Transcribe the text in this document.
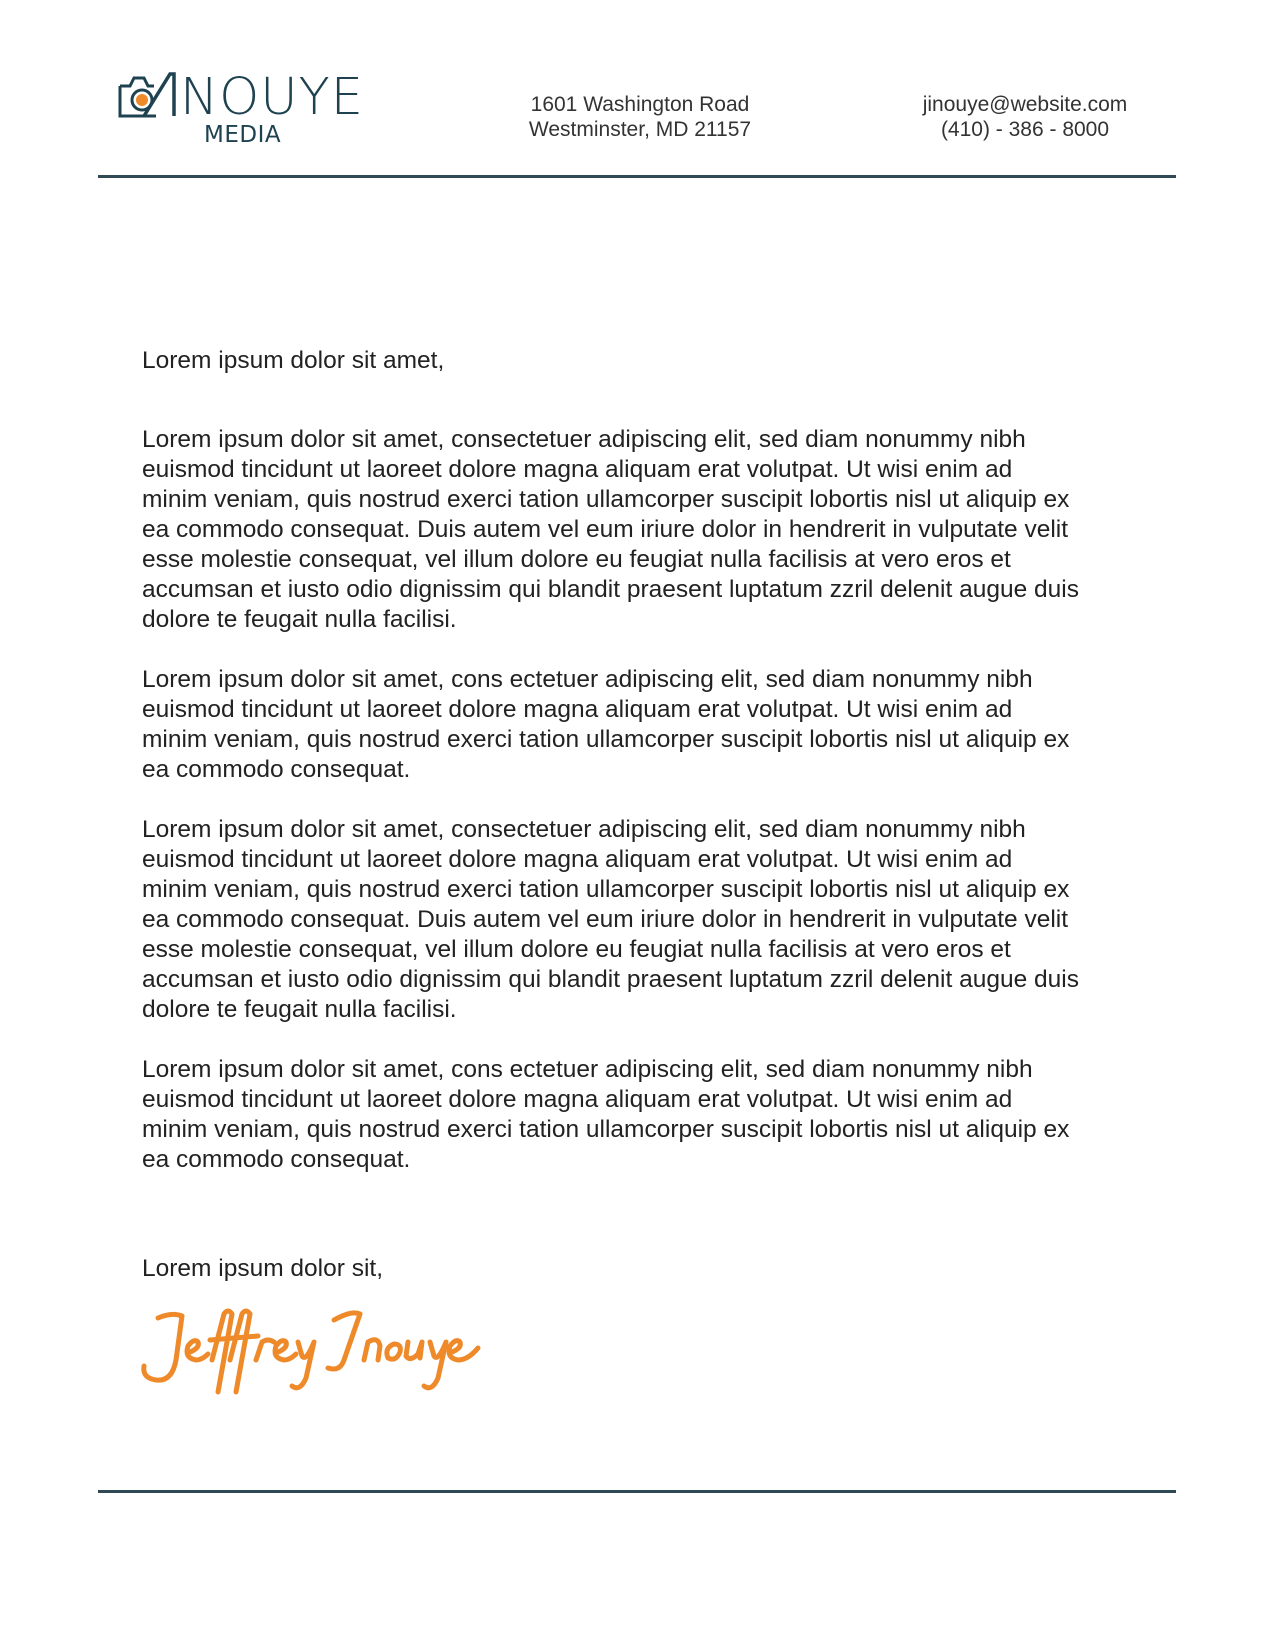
NOUYE
MEDIA
1601 Washington Road
Westminster, MD 21157
jinouye@website.com
(410) - 386 - 8000

Lorem ipsum dolor sit amet,

Lorem ipsum dolor sit amet, consectetuer adipiscing elit, sed diam nonummy nibh euismod tincidunt ut laoreet dolore magna aliquam erat volutpat. Ut wisi enim ad minim veniam, quis nostrud exerci tation ullamcorper suscipit lobortis nisl ut aliquip ex ea commodo consequat. Duis autem vel eum iriure dolor in hendrerit in vulputate velit esse molestie consequat, vel illum dolore eu feugiat nulla facilisis at vero eros et accumsan et iusto odio dignissim qui blandit praesent luptatum zzril delenit augue duis dolore te feugait nulla facilisi.

Lorem ipsum dolor sit amet, cons ectetuer adipiscing elit, sed diam nonummy nibh euismod tincidunt ut laoreet dolore magna aliquam erat volutpat. Ut wisi enim ad minim veniam, quis nostrud exerci tation ullamcorper suscipit lobortis nisl ut aliquip ex ea commodo consequat.

Lorem ipsum dolor sit amet, consectetuer adipiscing elit, sed diam nonummy nibh euismod tincidunt ut laoreet dolore magna aliquam erat volutpat. Ut wisi enim ad minim veniam, quis nostrud exerci tation ullamcorper suscipit lobortis nisl ut aliquip ex ea commodo consequat. Duis autem vel eum iriure dolor in hendrerit in vulputate velit esse molestie consequat, vel illum dolore eu feugiat nulla facilisis at vero eros et accumsan et iusto odio dignissim qui blandit praesent luptatum zzril delenit augue duis dolore te feugait nulla facilisi.

Lorem ipsum dolor sit amet, cons ectetuer adipiscing elit, sed diam nonummy nibh euismod tincidunt ut laoreet dolore magna aliquam erat volutpat. Ut wisi enim ad minim veniam, quis nostrud exerci tation ullamcorper suscipit lobortis nisl ut aliquip ex ea commodo consequat.

Lorem ipsum dolor sit,
